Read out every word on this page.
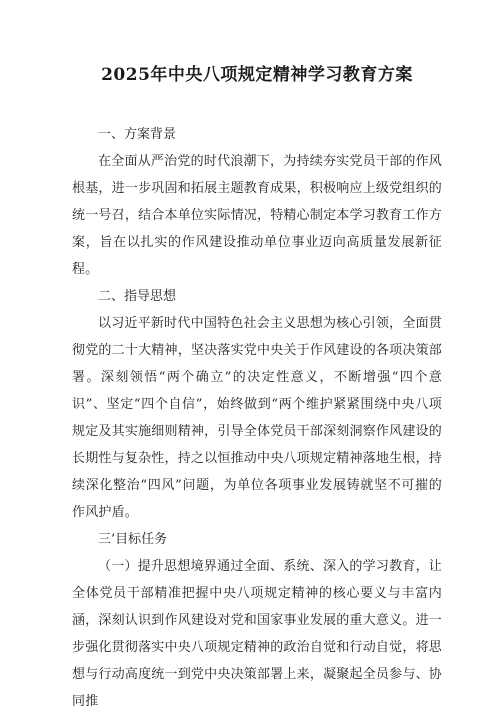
2025年中央八项规定精神学习教育方案

一、方案背景

在全面从严治党的时代浪潮下，为持续夯实党员干部的作风根基，进一步巩固和拓展主题教育成果，积极响应上级党组织的统一号召，结合本单位实际情况，特精心制定本学习教育工作方案，旨在以扎实的作风建设推动单位事业迈向高质量发展新征程。

二、指导思想

以习近平新时代中国特色社会主义思想为核心引领，全面贯彻党的二十大精神，坚决落实党中央关于作风建设的各项决策部署。深刻领悟“两个确立”的决定性意义，不断增强“四个意识”、坚定“四个自信”，始终做到“两个维护紧紧围绕中央八项规定及其实施细则精神，引导全体党员干部深刻洞察作风建设的长期性与复杂性，持之以恒推动中央八项规定精神落地生根，持续深化整治“四风”问题，为单位各项事业发展铸就坚不可摧的作风护盾。

三’目标任务

（一）提升思想境界通过全面、系统、深入的学习教育，让全体党员干部精准把握中央八项规定精神的核心要义与丰富内涵，深刻认识到作风建设对党和国家事业发展的重大意义。进一步强化贯彻落实中央八项规定精神的政治自觉和行动自觉，将思想与行动高度统一到党中央决策部署上来，凝聚起全员参与、协同推
